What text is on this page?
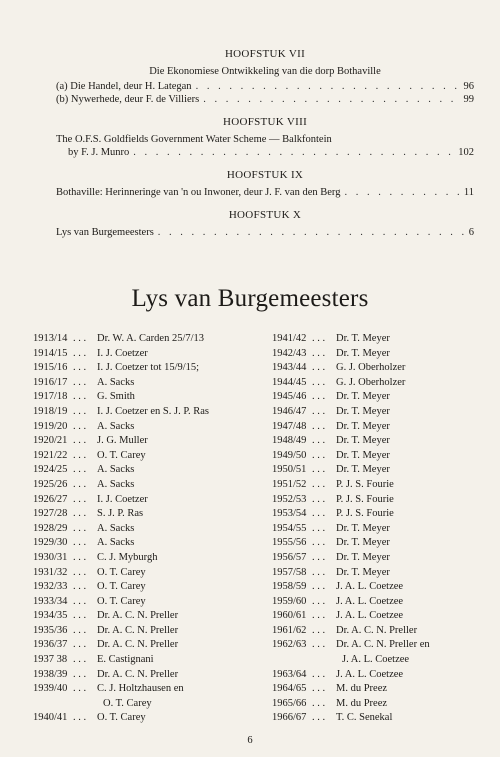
HOOFSTUK VII
Die Ekonomiese Ontwikkeling van die dorp Bothaville
(a) Die Handel, deur H. Lategan . . .	96
(b) Nywerhede, deur F. de Villiers . . .	99
HOOFSTUK VIII
The O.F.S. Goldfields Government Water Scheme — Balkfontein
by F. J. Munro . . .	102
HOOFSTUK IX
Bothaville: Herinneringe van 'n ou Inwoner, deur J. F. van den Berg . . .	11
HOOFSTUK X
Lys van Burgemeesters . . .	6
Lys van Burgemeesters
1913/14 . . . Dr. W. A. Carden 25/7/13
1914/15 . . . I. J. Coetzer
1915/16 . . . I. J. Coetzer tot 15/9/15;
1916/17 . . . A. Sacks
1917/18 . . . G. Smith
1918/19 . . . I. J. Coetzer en S. J. P. Ras
1919/20 . . . A. Sacks
1920/21 . . . J. G. Muller
1921/22 . . . O. T. Carey
1924/25 . . . A. Sacks
1925/26 . . . A. Sacks
1926/27 . . . I. J. Coetzer
1927/28 . . . S. J. P. Ras
1928/29 . . . A. Sacks
1929/30 . . . A. Sacks
1930/31 . . . C. J. Myburgh
1931/32 . . . O. T. Carey
1932/33 . . . O. T. Carey
1933/34 . . . O. T. Carey
1934/35 . . . Dr. A. C. N. Preller
1935/36 . . . Dr. A. C. N. Preller
1936/37 . . . Dr. A. C. N. Preller
1937 38 . . . E. Castignani
1938/39 . . . Dr. A. C. N. Preller
1939/40 . . . C. J. Holtzhausen en
O. T. Carey
1940/41 . . . O. T. Carey
1941/42 . . . Dr. T. Meyer
1942/43 . . . Dr. T. Meyer
1943/44 . . . G. J. Oberholzer
1944/45 . . . G. J. Oberholzer
1945/46 . . . Dr. T. Meyer
1946/47 . . . Dr. T. Meyer
1947/48 . . . Dr. T. Meyer
1948/49 . . . Dr. T. Meyer
1949/50 . . . Dr. T. Meyer
1950/51 . . . Dr. T. Meyer
1951/52 . . . P. J. S. Fourie
1952/53 . . . P. J. S. Fourie
1953/54 . . . P. J. S. Fourie
1954/55 . . . Dr. T. Meyer
1955/56 . . . Dr. T. Meyer
1956/57 . . . Dr. T. Meyer
1957/58 . . . Dr. T. Meyer
1958/59 . . . J. A. L. Coetzee
1959/60 . . . J. A. L. Coetzee
1960/61 . . . J. A. L. Coetzee
1961/62 . . . Dr. A. C. N. Preller
1962/63 . . . Dr. A. C. N. Preller en
J. A. L. Coetzee
1963/64 . . . J. A. L. Coetzee
1964/65 . . . M. du Preez
1965/66 . . . M. du Preez
1966/67 . . . T. C. Senekal
6
